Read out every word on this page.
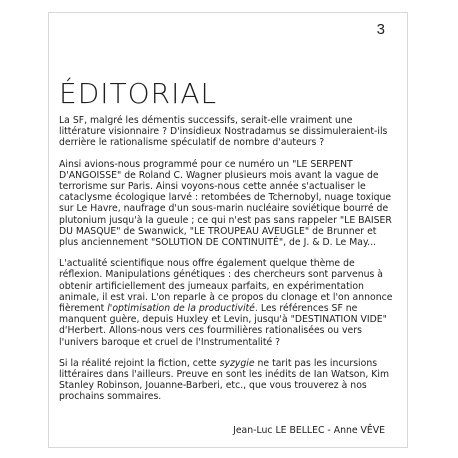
3
ÉDITORIAL

La SF, malgré les démentis successifs, serait-elle vraiment une littérature visionnaire ? D'insidieux Nostradamus se dissimuleraient-ils derrière le rationalisme spéculatif de nombre d'auteurs ?

Ainsi avions-nous programmé pour ce numéro un "LE SERPENT D'ANGOISSE" de Roland C. Wagner plusieurs mois avant la vague de terrorisme sur Paris. Ainsi voyons-nous cette année s'actualiser le cataclysme écologique larvé : retombées de Tchernobyl, nuage toxique sur Le Havre, naufrage d'un sous-marin nucléaire soviétique bourré de plutonium jusqu'à la gueule ; ce qui n'est pas sans rappeler "LE BAISER DU MASQUE" de Swanwick, "LE TROUPEAU AVEUGLE" de Brunner et plus anciennement "SOLUTION DE CONTINUITÉ", de J. & D. Le May...

L'actualité scientifique nous offre également quelque thème de réflexion. Manipulations génétiques : des chercheurs sont parvenus à obtenir artificiellement des jumeaux parfaits, en expérimentation animale, il est vrai. L'on reparle à ce propos du clonage et l'on annonce fièrement l'optimisation de la productivité. Les références SF ne manquent guère, depuis Huxley et Levin, jusqu'à "DESTINATION VIDE" d'Herbert. Allons-nous vers ces fourmilières rationalisées ou vers l'univers baroque et cruel de l'Instrumentalité ?

Si la réalité rejoint la fiction, cette syzygie ne tarit pas les incursions littéraires dans l'ailleurs. Preuve en sont les inédits de Ian Watson, Kim Stanley Robinson, Jouanne-Barberi, etc., que vous trouverez à nos prochains sommaires.

Jean-Luc LE BELLEC - Anne VÊVE
